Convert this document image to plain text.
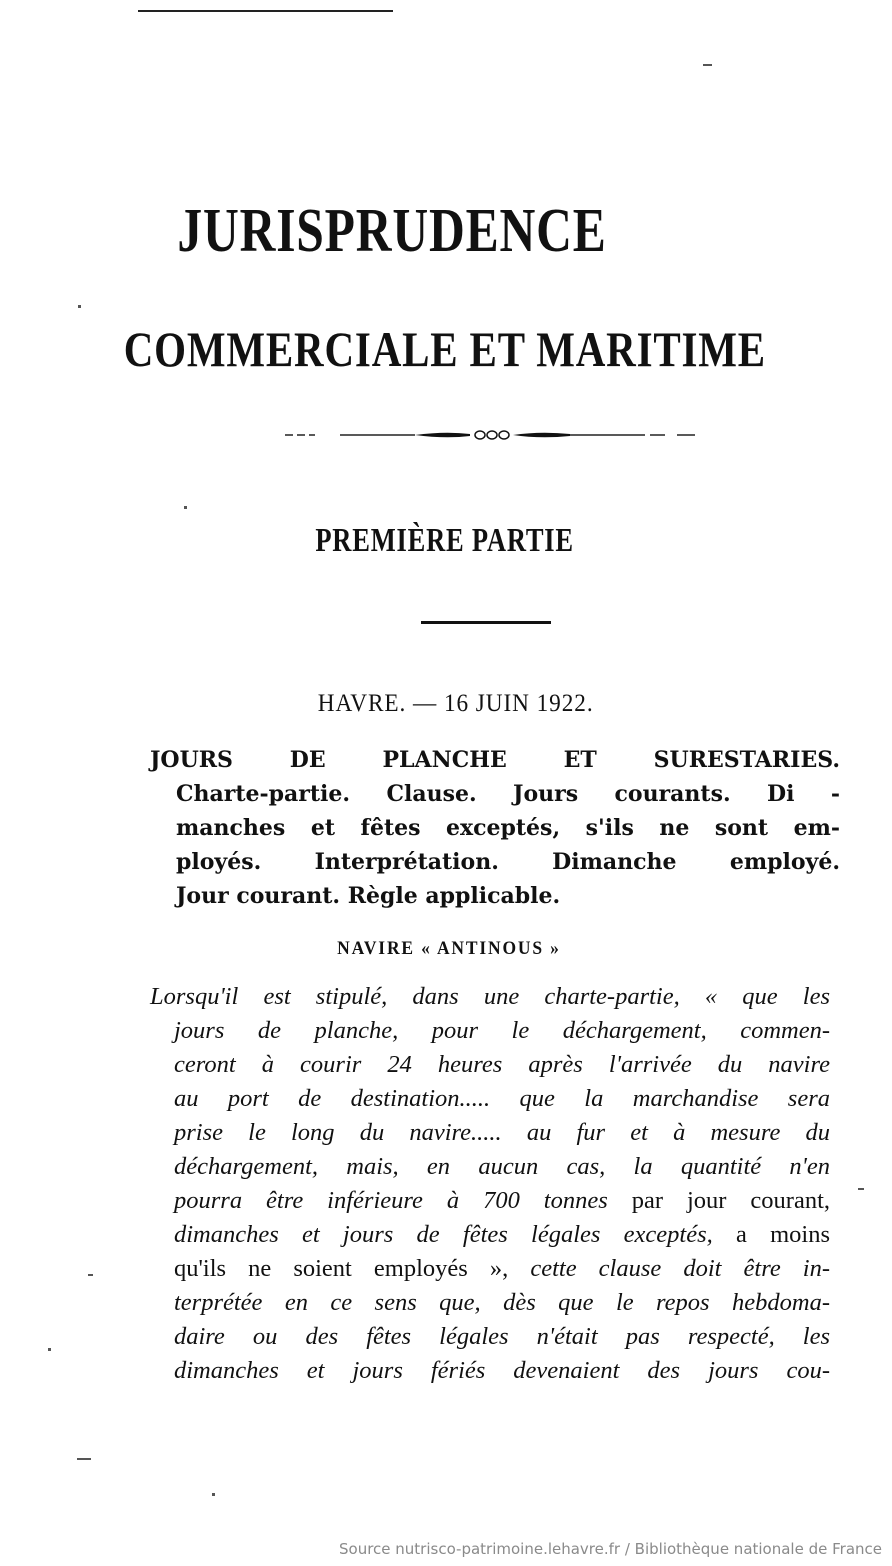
JURISPRUDENCE
COMMERCIALE ET MARITIME
PREMIÈRE PARTIE

HAVRE. — 16 JUIN 1922.

JOURS DE PLANCHE ET SURESTARIES.
Charte-partie. Clause. Jours courants. Di -
manches et fêtes exceptés, s'ils ne sont em-
ployés. Interprétation. Dimanche employé.
Jour courant. Règle applicable.

NAVIRE « ANTINOUS »

Lorsqu'il est stipulé, dans une charte-partie, « que les
jours de planche, pour le déchargement, commen-
ceront à courir 24 heures après l'arrivée du navire
au port de destination..... que la marchandise sera
prise le long du navire..... au fur et à mesure du
déchargement, mais, en aucun cas, la quantité n'en
pourra être inférieure à 700 tonnes par jour courant,
dimanches et jours de fêtes légales exceptés, a moins
qu'ils ne soient employés », cette clause doit être in-
terprétée en ce sens que, dès que le repos hebdoma-
daire ou des fêtes légales n'était pas respecté, les
dimanches et jours fériés devenaient des jours cou-
Source nutrisco-patrimoine.lehavre.fr / Bibliothèque nationale de France
